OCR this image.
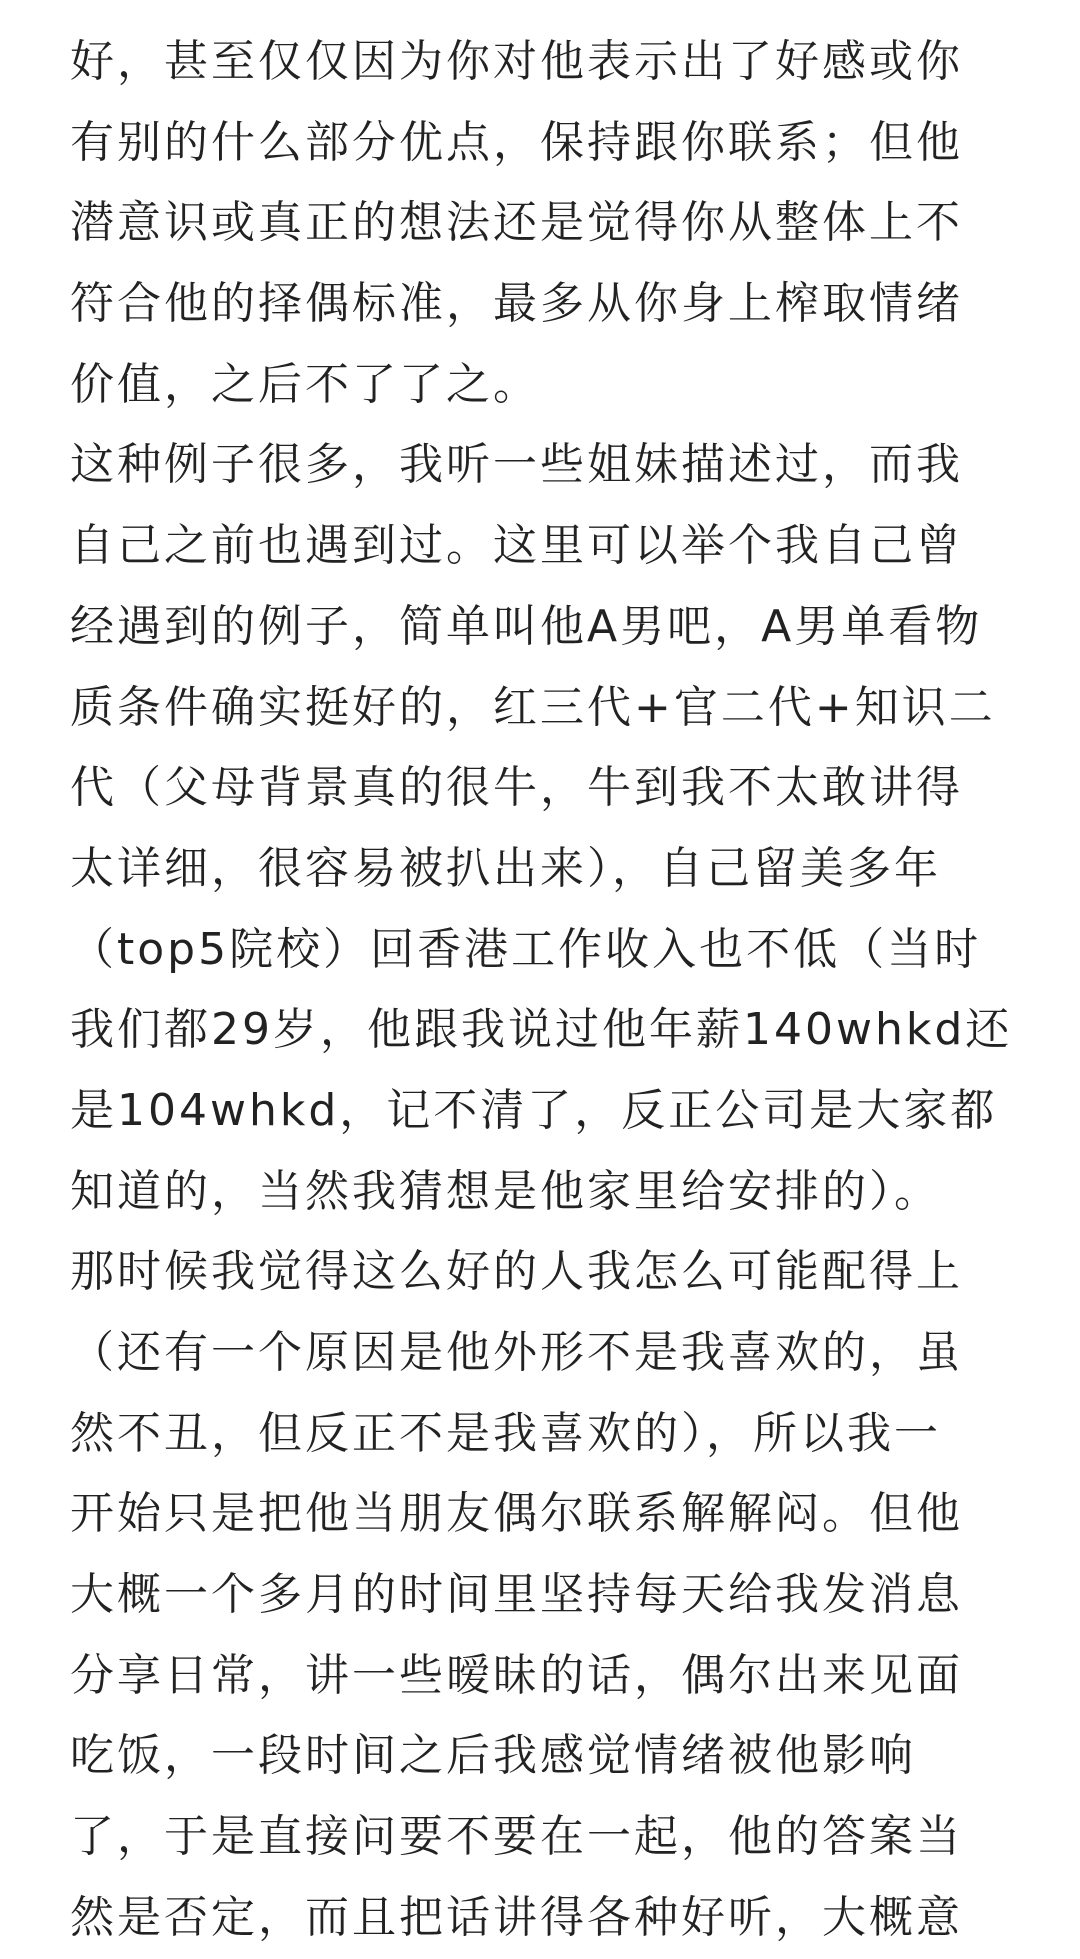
好，甚至仅仅因为你对他表示出了好感或你
有别的什么部分优点，保持跟你联系；但他
潜意识或真正的想法还是觉得你从整体上不
符合他的择偶标准，最多从你身上榨取情绪
价值，之后不了了之。
这种例子很多，我听一些姐妹描述过，而我
自己之前也遇到过。这里可以举个我自己曾
经遇到的例子，简单叫他A男吧，A男单看物
质条件确实挺好的，红三代+官二代+知识二
代（父母背景真的很牛，牛到我不太敢讲得
太详细，很容易被扒出来），自己留美多年
（top5院校）回香港工作收入也不低（当时
我们都29岁，他跟我说过他年薪140whkd还
是104whkd，记不清了，反正公司是大家都
知道的，当然我猜想是他家里给安排的）。
那时候我觉得这么好的人我怎么可能配得上
（还有一个原因是他外形不是我喜欢的，虽
然不丑，但反正不是我喜欢的），所以我一
开始只是把他当朋友偶尔联系解解闷。但他
大概一个多月的时间里坚持每天给我发消息
分享日常，讲一些暧昧的话，偶尔出来见面
吃饭，一段时间之后我感觉情绪被他影响
了，于是直接问要不要在一起，他的答案当
然是否定，而且把话讲得各种好听，大概意
